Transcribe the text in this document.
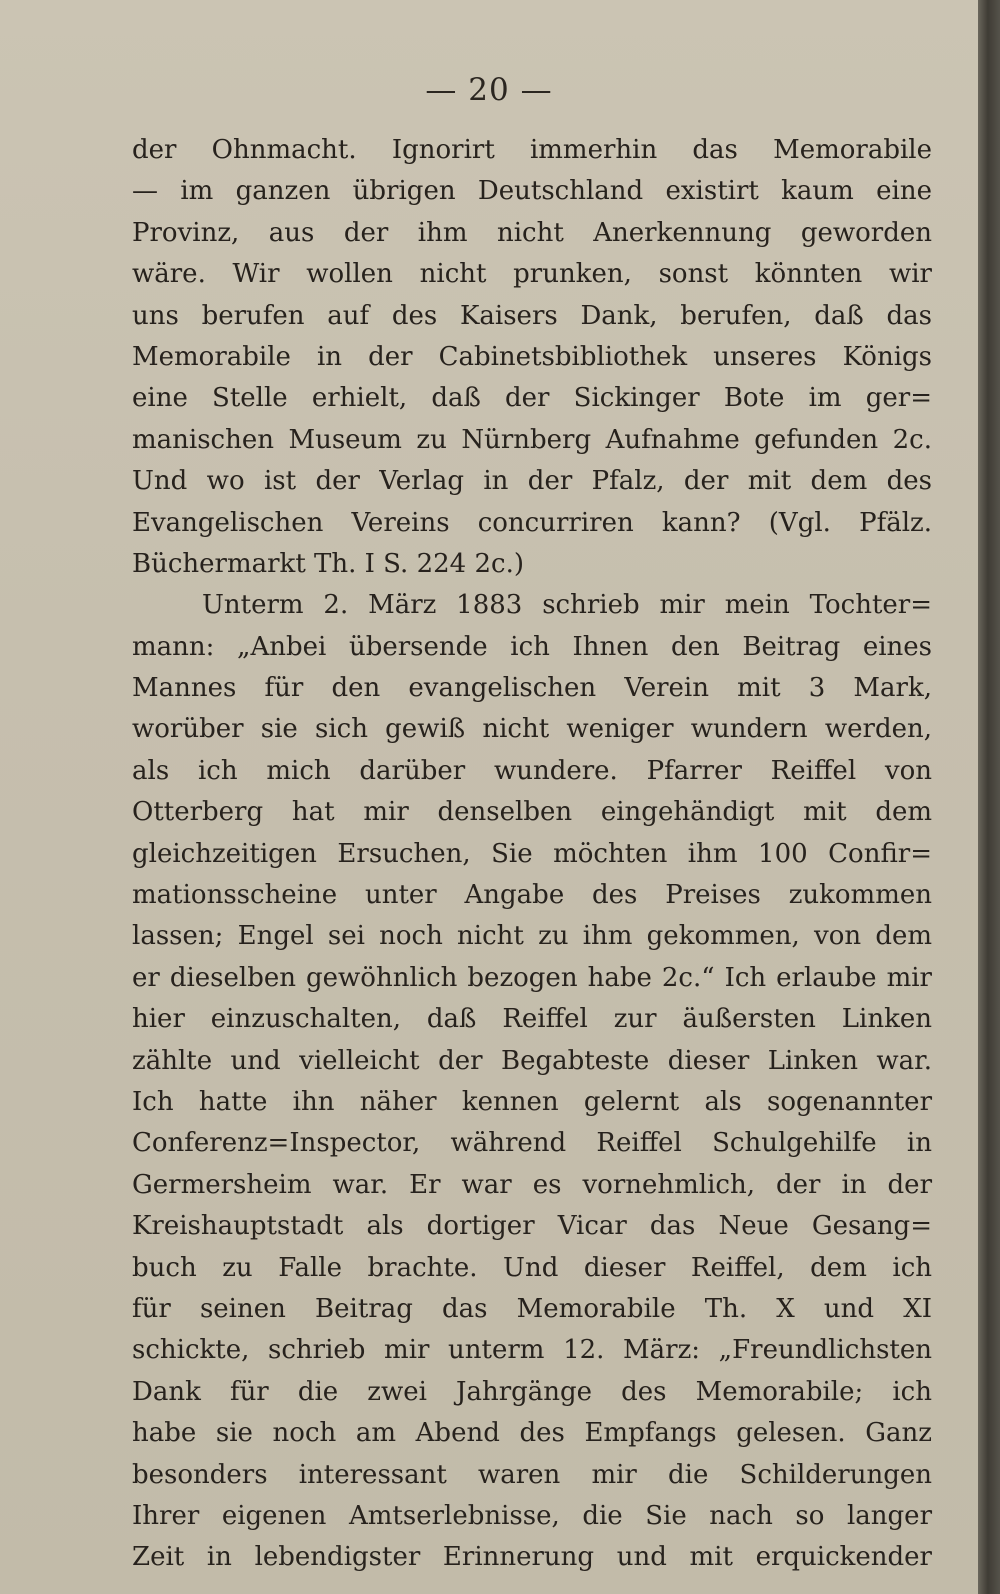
— 20 —
der Ohnmacht. Ignorirt immerhin das Memorabile
— im ganzen übrigen Deutschland existirt kaum eine
Provinz, aus der ihm nicht Anerkennung geworden
wäre. Wir wollen nicht prunken, sonst könnten wir
uns berufen auf des Kaisers Dank, berufen, daß das
Memorabile in der Cabinetsbibliothek unseres Königs
eine Stelle erhielt, daß der Sickinger Bote im ger=
manischen Museum zu Nürnberg Aufnahme gefunden 2c.
Und wo ist der Verlag in der Pfalz, der mit dem des
Evangelischen Vereins concurriren kann? (Vgl. Pfälz.
Büchermarkt Th. I S. 224 2c.)
Unterm 2. März 1883 schrieb mir mein Tochter=
mann: „Anbei übersende ich Ihnen den Beitrag eines
Mannes für den evangelischen Verein mit 3 Mark,
worüber sie sich gewiß nicht weniger wundern werden,
als ich mich darüber wundere. Pfarrer Reiffel von
Otterberg hat mir denselben eingehändigt mit dem
gleichzeitigen Ersuchen, Sie möchten ihm 100 Confir=
mationsscheine unter Angabe des Preises zukommen
lassen; Engel sei noch nicht zu ihm gekommen, von dem
er dieselben gewöhnlich bezogen habe 2c.“ Ich erlaube mir
hier einzuschalten, daß Reiffel zur äußersten Linken
zählte und vielleicht der Begabteste dieser Linken war.
Ich hatte ihn näher kennen gelernt als sogenannter
Conferenz=Inspector, während Reiffel Schulgehilfe in
Germersheim war. Er war es vornehmlich, der in der
Kreishauptstadt als dortiger Vicar das Neue Gesang=
buch zu Falle brachte. Und dieser Reiffel, dem ich
für seinen Beitrag das Memorabile Th. X und XI
schickte, schrieb mir unterm 12. März: „Freundlichsten
Dank für die zwei Jahrgänge des Memorabile; ich
habe sie noch am Abend des Empfangs gelesen. Ganz
besonders interessant waren mir die Schilderungen
Ihrer eigenen Amtserlebnisse, die Sie nach so langer
Zeit in lebendigster Erinnerung und mit erquickender
